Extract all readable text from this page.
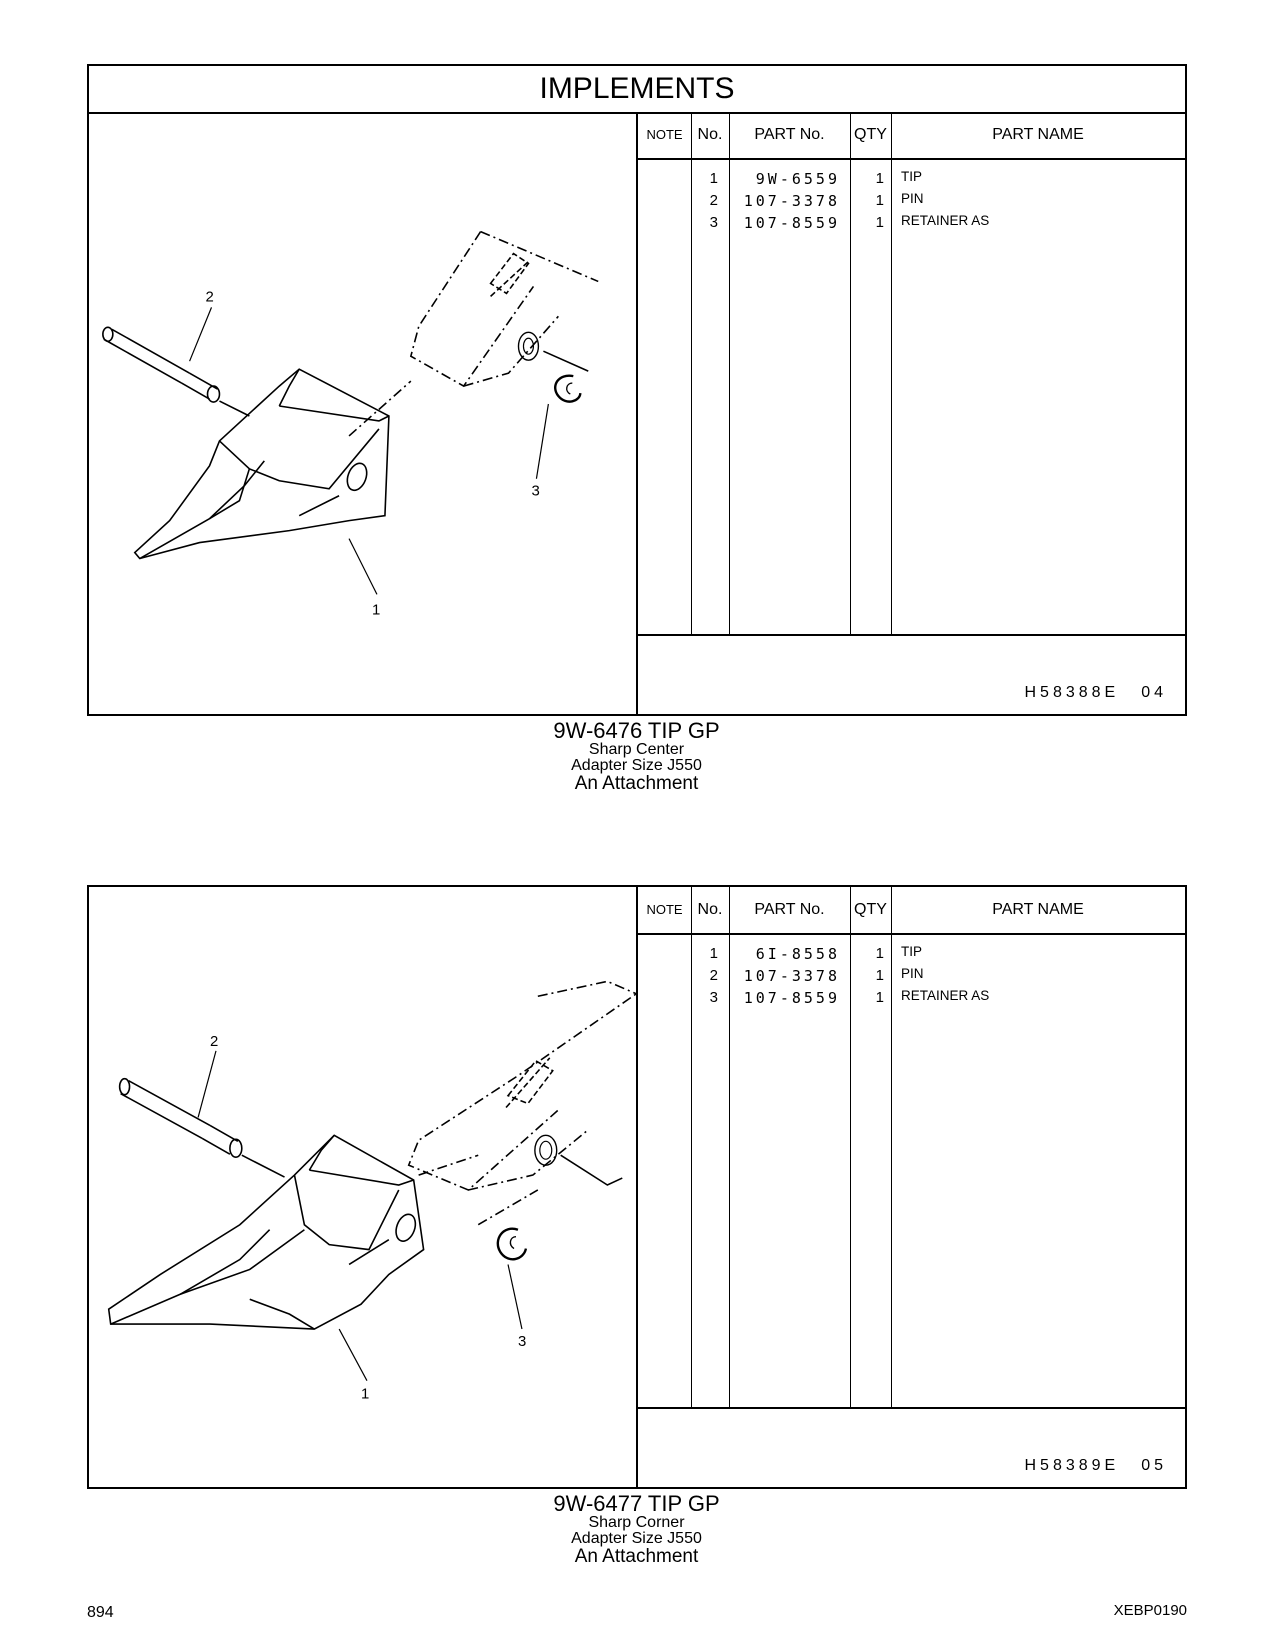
IMPLEMENTS
2
3
1
NOTE No.	PART No.	QTY	PART NAME
1	9W-6559	1 TIP
2	107-3378	1 PIN
3	107-8559	1 RETAINER AS
H58388E 04
9W-6476 TIP GP
Sharp Center
Adapter Size J550
An Attachment
2
3
1
NOTE No.	PART No.	QTY	PART NAME
1	6I-8558	1 TIP
2	107-3378	1 PIN
3	107-8559	1 RETAINER AS
H58389E 05
9W-6477 TIP GP
Sharp Corner
Adapter Size J550
An Attachment
894	XEBP0190
